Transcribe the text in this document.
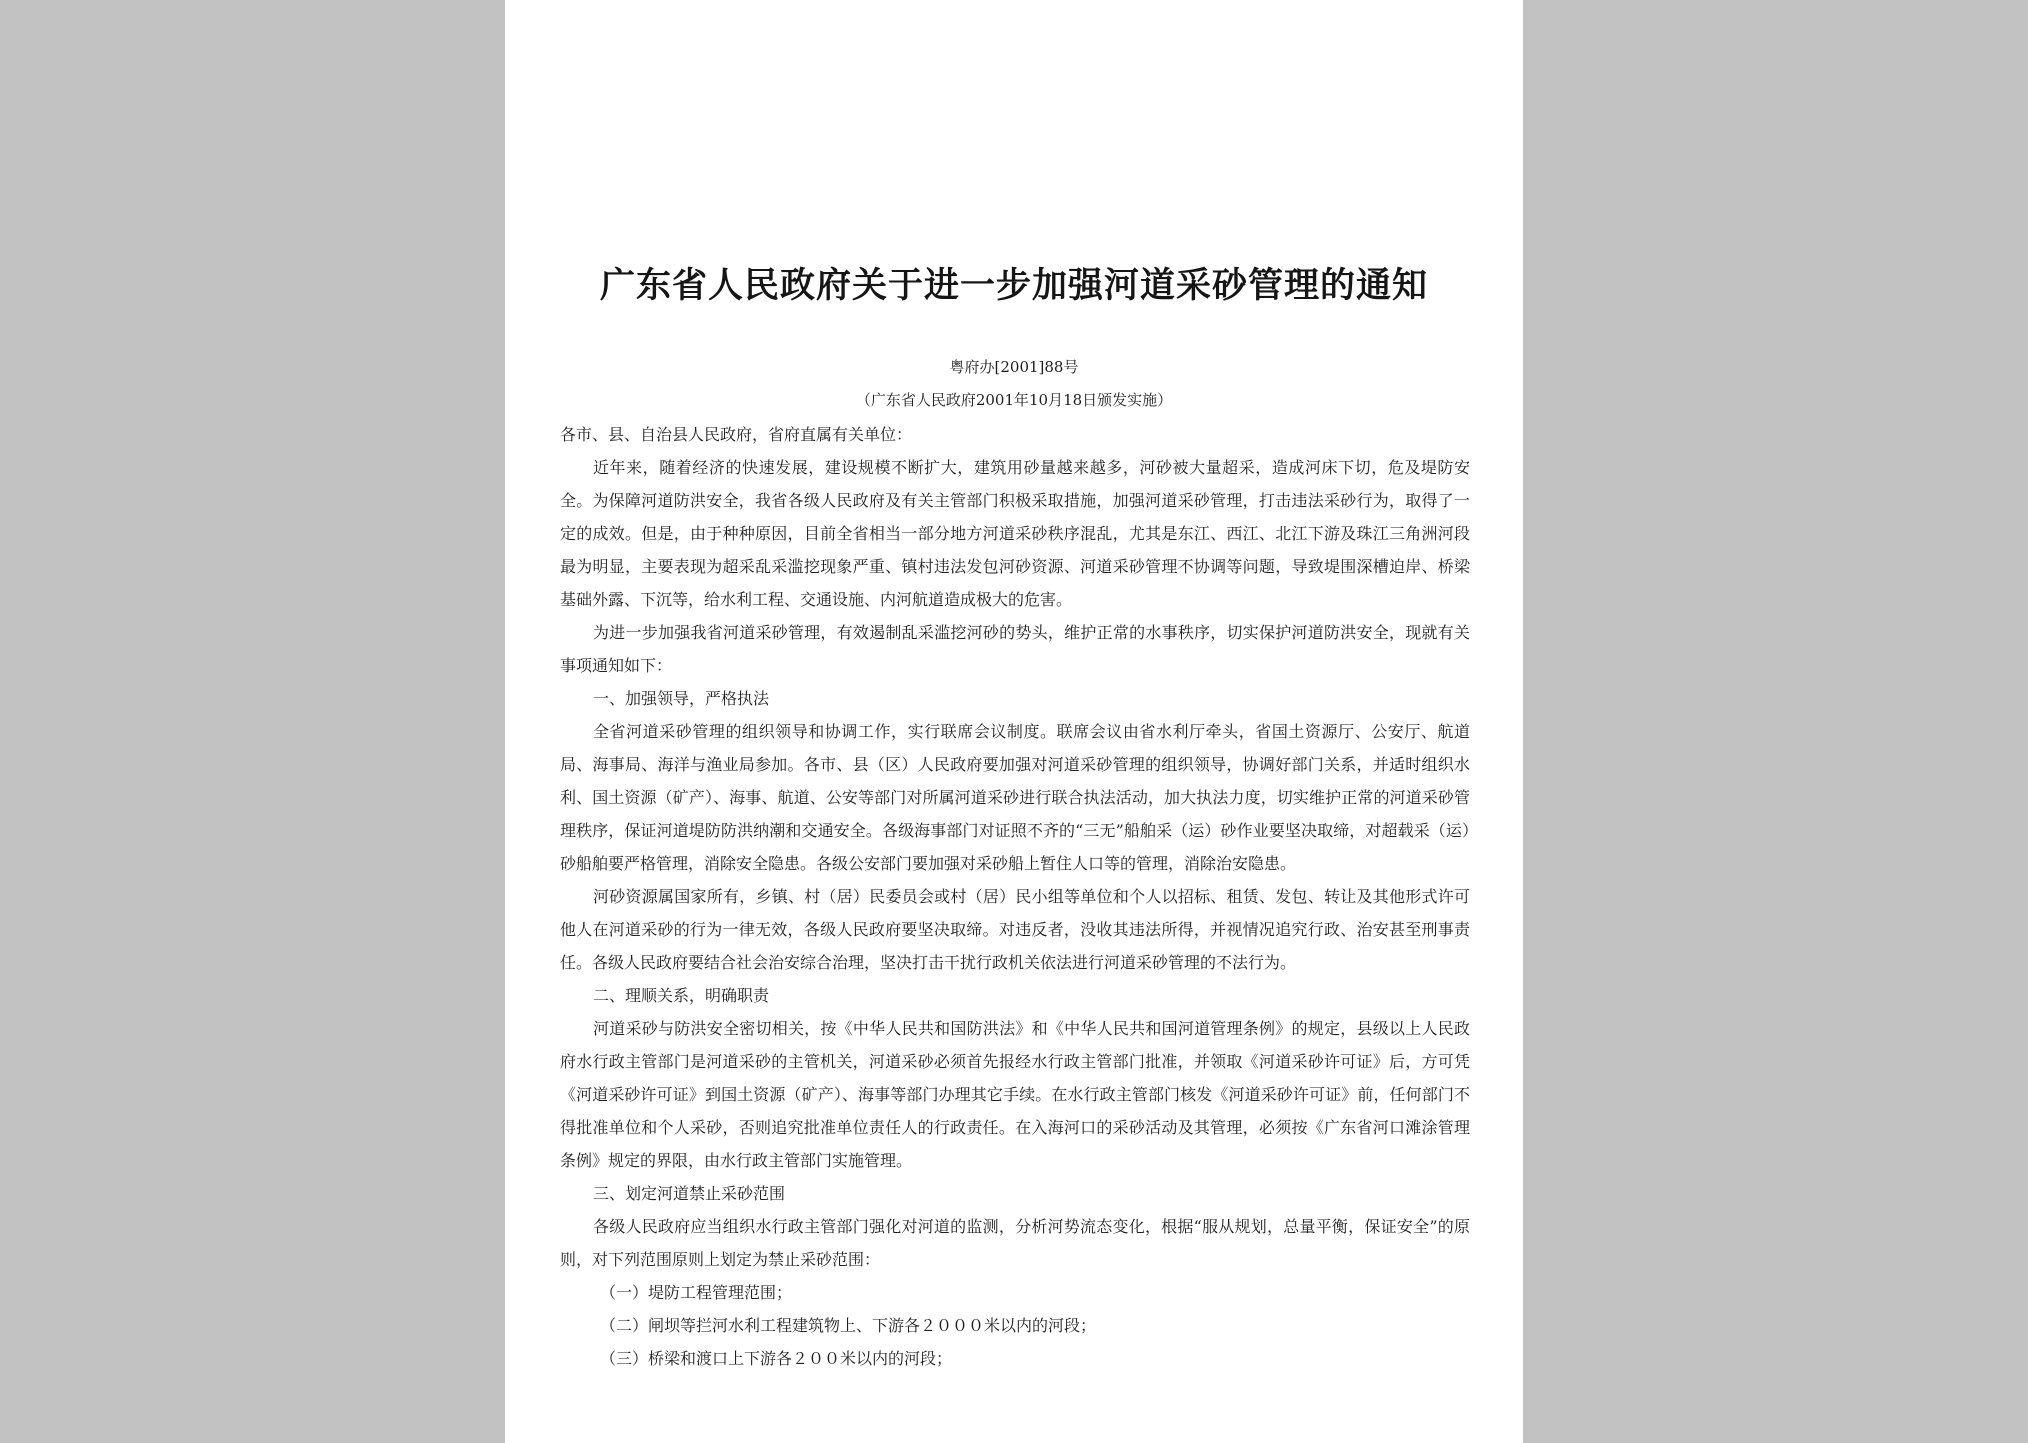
广东省人民政府关于进一步加强河道采砂管理的通知
粤府办[2001]88号
（广东省人民政府2001年10月18日颁发实施）

各市、县、自治县人民政府，省府直属有关单位：

近年来，随着经济的快速发展，建设规模不断扩大，建筑用砂量越来越多，河砂被大量超采，造成河床下切，危及堤防安全。为保障河道防洪安全，我省各级人民政府及有关主管部门积极采取措施，加强河道采砂管理，打击违法采砂行为，取得了一定的成效。但是，由于种种原因，目前全省相当一部分地方河道采砂秩序混乱，尤其是东江、西江、北江下游及珠江三角洲河段最为明显，主要表现为超采乱采滥挖现象严重、镇村违法发包河砂资源、河道采砂管理不协调等问题，导致堤围深槽迫岸、桥梁基础外露、下沉等，给水利工程、交通设施、内河航道造成极大的危害。

为进一步加强我省河道采砂管理，有效遏制乱采滥挖河砂的势头，维护正常的水事秩序，切实保护河道防洪安全，现就有关事项通知如下：

一、加强领导，严格执法

全省河道采砂管理的组织领导和协调工作，实行联席会议制度。联席会议由省水利厅牵头，省国土资源厅、公安厅、航道局、海事局、海洋与渔业局参加。各市、县（区）人民政府要加强对河道采砂管理的组织领导，协调好部门关系，并适时组织水利、国土资源（矿产）、海事、航道、公安等部门对所属河道采砂进行联合执法活动，加大执法力度，切实维护正常的河道采砂管理秩序，保证河道堤防防洪纳潮和交通安全。各级海事部门对证照不齐的“三无”船舶采（运）砂作业要坚决取缔，对超载采（运）砂船舶要严格管理，消除安全隐患。各级公安部门要加强对采砂船上暂住人口等的管理，消除治安隐患。

河砂资源属国家所有，乡镇、村（居）民委员会或村（居）民小组等单位和个人以招标、租赁、发包、转让及其他形式许可他人在河道采砂的行为一律无效，各级人民政府要坚决取缔。对违反者，没收其违法所得，并视情况追究行政、治安甚至刑事责任。各级人民政府要结合社会治安综合治理，坚决打击干扰行政机关依法进行河道采砂管理的不法行为。

二、理顺关系，明确职责

河道采砂与防洪安全密切相关，按《中华人民共和国防洪法》和《中华人民共和国河道管理条例》的规定，县级以上人民政府水行政主管部门是河道采砂的主管机关，河道采砂必须首先报经水行政主管部门批准，并领取《河道采砂许可证》后，方可凭《河道采砂许可证》到国土资源（矿产）、海事等部门办理其它手续。在水行政主管部门核发《河道采砂许可证》前，任何部门不得批准单位和个人采砂，否则追究批准单位责任人的行政责任。在入海河口的采砂活动及其管理，必须按《广东省河口滩涂管理条例》规定的界限，由水行政主管部门实施管理。

三、划定河道禁止采砂范围

各级人民政府应当组织水行政主管部门强化对河道的监测，分析河势流态变化，根据“服从规划，总量平衡，保证安全”的原则，对下列范围原则上划定为禁止采砂范围：

（一）堤防工程管理范围；

（二）闸坝等拦河水利工程建筑物上、下游各２０００米以内的河段；

（三）桥梁和渡口上下游各２００米以内的河段；
